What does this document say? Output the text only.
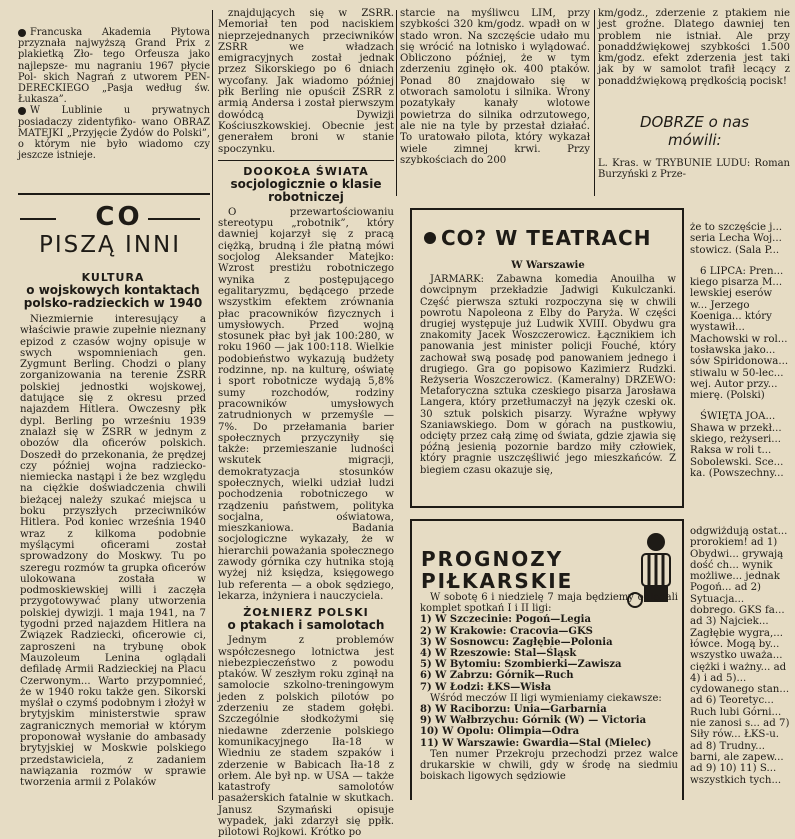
Francuska Akademia Płytowa przyznała najwyższą Grand Prix z plakietką Zło- tego Orfeusza jako najlepsze- mu nagraniu 1967 płycie Pol- skich Nagrań z utworem PEN- DERECKIEGO „Pasja według św. Łukasza”.
W Lublinie u prywatnych posiadaczy zidentyfiko- wano OBRAZ MATEJKI „Przyjęcie Żydów do Polski”, o którym nie było wiadomo czy jeszcze istnieje.
CO
PISZĄ INNI
KULTURA
o wojskowych kontaktach polsko-radzieckich w 1940

Niezmiernie interesujący a właściwie prawie zupełnie nieznany epizod z czasów wojny opisuje w swych wspomnieniach gen. Zygmunt Berling. Chodzi o plany zorganizowania na terenie ZSRR polskiej jednostki wojskowej, datujące się z okresu przed najazdem Hitlera. Owczesny płk dypl. Berling po wrześniu 1939 znalazł się w ZSRR w jednym z obozów dla oficerów polskich. Doszedł do przekonania, że prędzej czy później wojna radziecko-niemiecka nastąpi i że bez względu na ciężkie doświadczenia chwili bieżącej należy szukać miejsca u boku przyszłych przeciwników Hitlera. Pod koniec września 1940 wraz z kilkoma podobnie myślącymi oficerami został sprowadzony do Moskwy. Tu po szeregu rozmów ta grupka oficerów ulokowana została w podmoskiewskiej willi i zaczęła przygotowywać plany utworzenia polskiej dywizji. 1 maja 1941, na 7 tygodni przed najazdem Hitlera na Związek Radziecki, oficerowie ci, zaproszeni na trybunę obok Mauzoleum Lenina oglądali defiladę Armii Radzieckiej na Placu Czerwonym... Warto przypomnieć, że w 1940 roku także gen. Sikorski myślał o czymś podobnym i złożył w brytyjskim ministerstwie spraw zagranicznych memoriał w którym proponował wysłanie do ambasady brytyjskiej w Moskwie polskiego przedstawiciela, z zadaniem nawiązania rozmów w sprawie tworzenia armii z Polaków

znajdujących się w ZSRR. Memoriał ten pod naciskiem nieprzejednanych przeciwników ZSRR we władzach emigracyjnych został jednak przez Sikorskiego po 6 dniach wycofany. Jak wiadomo później płk Berling nie opuścił ZSRR z armią Andersa i został pierwszym dowódcą Dywizji Kościuszkowskiej. Obecnie jest generałem broni w stanie spoczynku.

DOOKOŁA ŚWIATA
socjologicznie o klasie robotniczej

O przewartościowaniu stereotypu „robotnik”, który dawniej kojarzył się z pracą ciężką, brudną i źle płatną mówi socjolog Aleksander Matejko: Wzrost prestiżu robotniczego wynika z postępującego egalitaryzmu, będącego przede wszystkim efektem zrównania płac pracowników fizycznych i umysłowych. Przed wojną stosunek płac był jak 100:280, w roku 1960 — jak 100:118. Wielkie podobieństwo wykazują budżety rodzinne, np. na kulturę, oświatę i sport robotnicze wydają 5,8% sumy rozchodów, rodziny pracowników umysłowych zatrudnionych w przemyśle — 7%. Do przełamania barier społecznych przyczyniły się także: przemieszanie ludności wskutek migracji, demokratyzacja stosunków społecznych, wielki udział ludzi pochodzenia robotniczego w rządzeniu państwem, polityka socjalna, oświatowa, mieszkaniowa. Badania socjologiczne wykazały, że w hierarchii poważania społecznego zawody górnika czy hutnika stoją wyżej niż księdza, księgowego lub referenta — a obok sędziego, lekarza, inżyniera i nauczyciela.

ŻOŁNIERZ POLSKI
o ptakach i samolotach

Jednym z problemów współczesnego lotnictwa jest niebezpieczeństwo z powodu ptaków. W zeszłym roku zginął na samolocie szkolno-treningowym jeden z polskich pilotów po zderzeniu ze stadem gołębi. Szczególnie słodkożymi się niedawne zderzenie polskiego komunikacyjnego Iła-18 w Wiedniu ze stadem szpaków i zderzenie w Babicach Iła-18 z orłem. Ale był np. w USA — także katastrofy samolotów pasażerskich fatalnie w skutkach. Janusz Szymański opisuje wypadek, jaki zdarzył się ppłk. pilotowi Rojkowi. Krótko po

starcie na myśliwcu LIM, przy szybkości 320 km/godz. wpadł on w stado wron. Na szczęście udało mu się wrócić na lotnisko i wylądować. Obliczono później, że w tym zderzeniu zginęło ok. 400 ptaków. Ponad 80 znajdowało się w otworach samolotu i silnika. Wrony pozatykały kanały wlotowe powietrza do silnika odrzutowego, ale nie na tyle by przestał działać. To uratowało pilota, który wykazał wiele zimnej krwi. Przy szybkościach do 200

km/godz., zderzenie z ptakiem nie jest groźne. Dlatego dawniej ten problem nie istniał. Ale przy ponaddźwiękowej szybkości 1.500 km/godz. efekt zderzenia jest taki jak by w samolot trafił lecący z ponaddźwiękową prędkością pocisk!

DOBRZE o nas
mówili:
L. Kras. w TRYBUNIE LUDU: Roman Burzyński z Prze-
CO? W TEATRACH
W Warszawie

JARMARK: Zabawna komedia Anouilha w dowcipnym przekładzie Jadwigi Kukulczanki. Część pierwsza sztuki rozpoczyna się w chwili powrotu Napoleona z Elby do Paryża. W części drugiej występuje już Ludwik XVIII. Obydwu gra znakomity Jacek Woszczerowicz. Łącznikiem ich panowania jest minister policji Fouché, który zachował swą posadę pod panowaniem jednego i drugiego. Gra go popisowo Kazimierz Rudzki. Reżyseria Woszczerowicz. (Kameralny) DRZEWO: Metaforyczna sztuka czeskiego pisarza Jarosława Langera, który przetłumaczył na język czeski ok. 30 sztuk polskich pisarzy. Wyraźne wpływy Szaniawskiego. Dom w górach na pustkowiu, odcięty przez całą zimę od świata, gdzie zjawia się późną jesienią pozornie bardzo miły człowiek, który pragnie uszczęśliwić jego mieszkańców. Z biegiem czasu okazuje się,

że to szczęście j... seria Lecha Woj... stowicz. (Sala P...

6 LIPCA: Pren... kiego pisarza M... lewskiej eserów w... Jerzego Koeniga... który wystawił... Machowski w rol... tosławska jako... sów Spiridonowa... stiwalu w 50-lec... wej. Autor przy... mierę. (Polski)

ŚWIĘTA JOA... Shawa w przekł... skiego, reżyseri... Raksa w roli t... Sobolewski. Sce... ka. (Powszechny...

PROGNOZY
PIŁKARSKIE

W sobotę 6 i niedzielę 7 maja będziemy oglądali komplet spotkań I i II ligi:

1) W Szczecinie: Pogoń—Legia
2) W Krakowie: Cracovia—GKS
3) W Sosnowcu: Zagłębie—Polonia
4) W Rzeszowie: Stal—Śląsk
5) W Bytomiu: Szombierki—Zawisza
6) W Zabrzu: Górnik—Ruch
7) W Łodzi: ŁKS—Wisła

Wśród meczów II ligi wymieniamy ciekawsze:

8) W Raciborzu: Unia—Garbarnia
9) W Wałbrzychu: Górnik (W) — Victoria
10) W Opolu: Olimpia—Odra
11) W Warszawie: Gwardia—Stal (Mielec)

Ten numer Przekroju przechodzi przez walce drukarskie w chwili, gdy w środę na siedmiu boiskach ligowych sędziowie

odgwiżdują ostat... prorokiem! ad 1) Obydwi... grywają dość ch... wynik możliwe... jednak Pogoń... ad 2) Sytuacja... dobrego. GKS fa... ad 3) Najciek... Zagłębie wygra,... łówce. Mogą by... wszystko uważa... ciężki i ważny... ad 4) i ad 5)... cydowanego stan... ad 6) Teoretyc... Ruch lubi Górni... nie zanosi s... ad 7) Siły rów... ŁKS-u. ad 8) Trudny... barni, ale zapew... ad 9) 10) 11) S... wszystkich tych...
